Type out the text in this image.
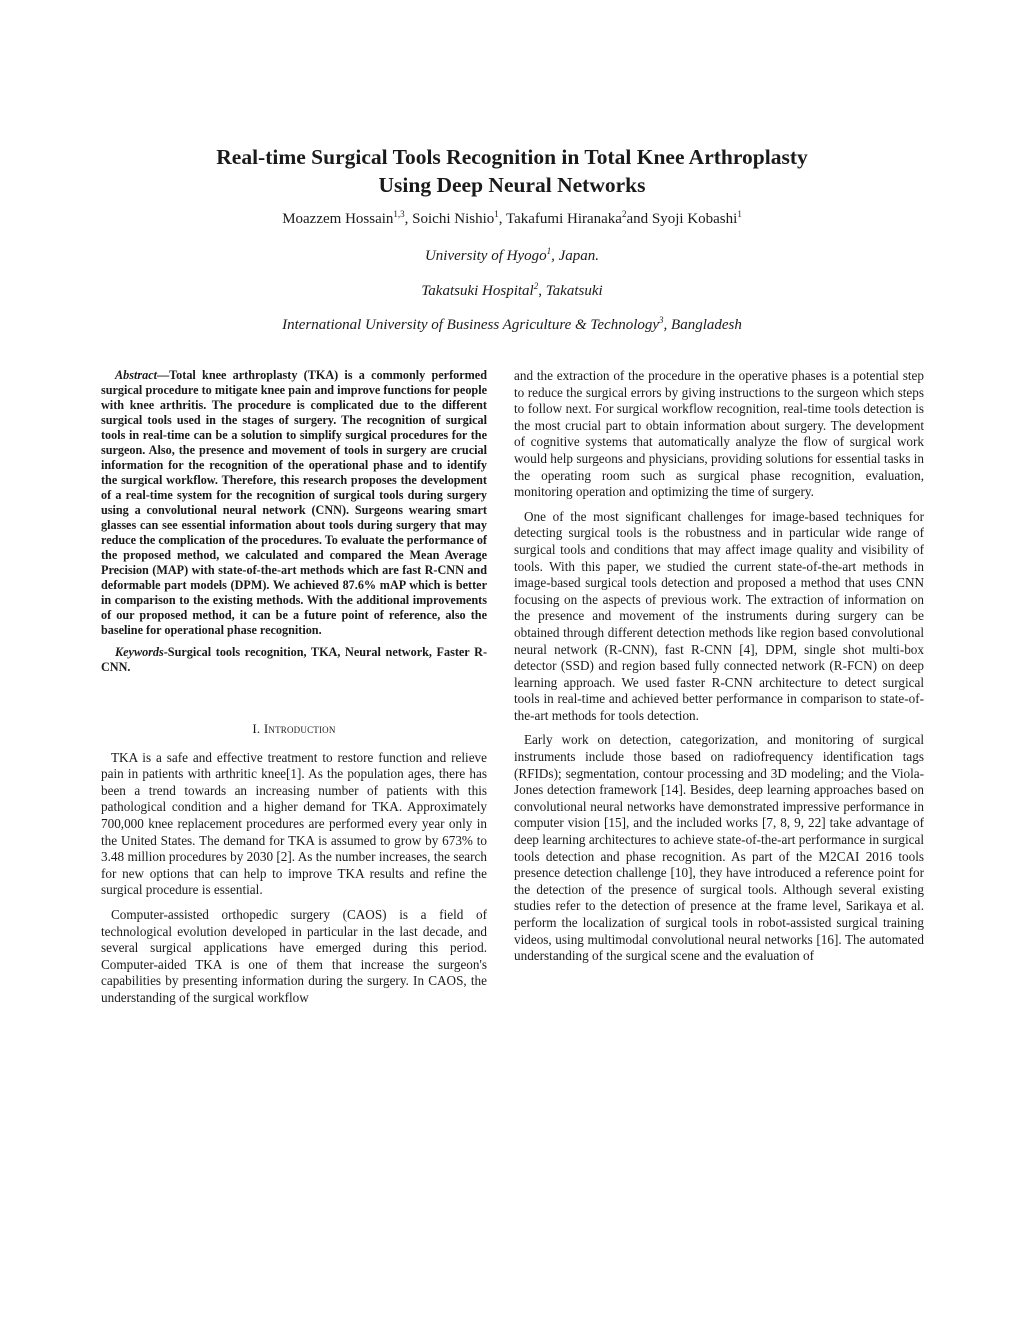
Real-time Surgical Tools Recognition in Total Knee Arthroplasty
Using Deep Neural Networks
Moazzem Hossain$^{1,3}$, Soichi Nishio$^1$, Takafumi Hiranaka$^2$and Syoji Kobashi$^1$
University of Hyogo$^1$, Japan.
Takatsuki Hospital$^2$, Takatsuki
International University of Business Agriculture & Technology$^3$, Bangladesh

Abstract—Total knee arthroplasty (TKA) is a commonly performed surgical procedure to mitigate knee pain and improve functions for people with knee arthritis. The procedure is complicated due to the different surgical tools used in the stages of surgery. The recognition of surgical tools in real-time can be a solution to simplify surgical procedures for the surgeon. Also, the presence and movement of tools in surgery are crucial information for the recognition of the operational phase and to identify the surgical workflow. Therefore, this research proposes the development of a real-time system for the recognition of surgical tools during surgery using a convolutional neural network (CNN). Surgeons wearing smart glasses can see essential information about tools during surgery that may reduce the complication of the procedures. To evaluate the performance of the proposed method, we calculated and compared the Mean Average Precision (MAP) with state-of-the-art methods which are fast R-CNN and deformable part models (DPM). We achieved 87.6% mAP which is better in comparison to the existing methods. With the additional improvements of our proposed method, it can be a future point of reference, also the baseline for operational phase recognition.

Keywords-Surgical tools recognition, TKA, Neural network, Faster R-CNN.

I. Introduction

TKA is a safe and effective treatment to restore function and relieve pain in patients with arthritic knee[1]. As the population ages, there has been a trend towards an increasing number of patients with this pathological condition and a higher demand for TKA. Approximately 700,000 knee replacement procedures are performed every year only in the United States. The demand for TKA is assumed to grow by 673% to 3.48 million procedures by 2030 [2]. As the number increases, the search for new options that can help to improve TKA results and refine the surgical procedure is essential.

Computer-assisted orthopedic surgery (CAOS) is a field of technological evolution developed in particular in the last decade, and several surgical applications have emerged during this period. Computer-aided TKA is one of them that increase the surgeon's capabilities by presenting information during the surgery. In CAOS, the understanding of the surgical workflow

and the extraction of the procedure in the operative phases is a potential step to reduce the surgical errors by giving instructions to the surgeon which steps to follow next. For surgical workflow recognition, real-time tools detection is the most crucial part to obtain information about surgery. The development of cognitive systems that automatically analyze the flow of surgical work would help surgeons and physicians, providing solutions for essential tasks in the operating room such as surgical phase recognition, evaluation, monitoring operation and optimizing the time of surgery.

One of the most significant challenges for image-based techniques for detecting surgical tools is the robustness and in particular wide range of surgical tools and conditions that may affect image quality and visibility of tools. With this paper, we studied the current state-of-the-art methods in image-based surgical tools detection and proposed a method that uses CNN focusing on the aspects of previous work. The extraction of information on the presence and movement of the instruments during surgery can be obtained through different detection methods like region based convolutional neural network (R-CNN), fast R-CNN [4], DPM, single shot multi-box detector (SSD) and region based fully connected network (R-FCN) on deep learning approach. We used faster R-CNN architecture to detect surgical tools in real-time and achieved better performance in comparison to state-of-the-art methods for tools detection.

Early work on detection, categorization, and monitoring of surgical instruments include those based on radiofrequency identification tags (RFIDs); segmentation, contour processing and 3D modeling; and the Viola-Jones detection framework [14]. Besides, deep learning approaches based on convolutional neural networks have demonstrated impressive performance in computer vision [15], and the included works [7, 8, 9, 22] take advantage of deep learning architectures to achieve state-of-the-art performance in surgical tools detection and phase recognition. As part of the M2CAI 2016 tools presence detection challenge [10], they have introduced a reference point for the detection of the presence of surgical tools. Although several existing studies refer to the detection of presence at the frame level, Sarikaya et al. perform the localization of surgical tools in robot-assisted surgical training videos, using multimodal convolutional neural networks [16]. The automated understanding of the surgical scene and the evaluation of
